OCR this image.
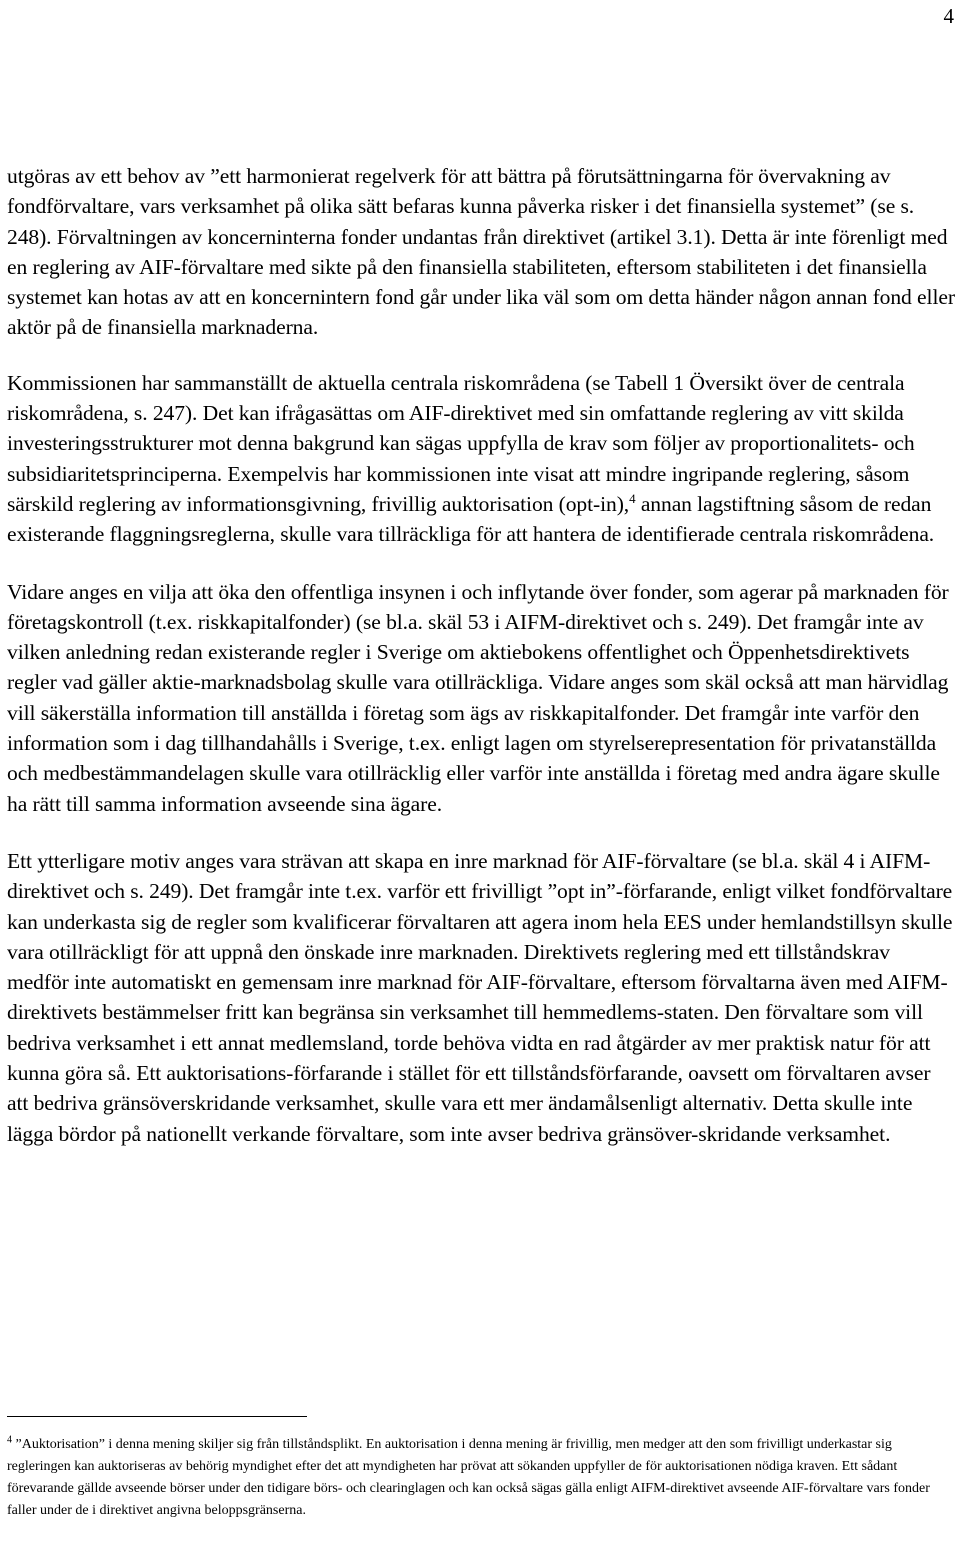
4

utgöras av ett behov av ”ett harmonierat regelverk för att bättra på förutsättningarna för övervakning av fondförvaltare, vars verksamhet på olika sätt befaras kunna påverka risker i det finansiella systemet” (se s. 248). Förvaltningen av koncerninterna fonder undantas från direktivet (artikel 3.1). Detta är inte förenligt med en reglering av AIF-förvaltare med sikte på den finansiella stabiliteten, eftersom stabiliteten i det finansiella systemet kan hotas av att en koncernintern fond går under lika väl som om detta händer någon annan fond eller aktör på de finansiella marknaderna.

Kommissionen har sammanställt de aktuella centrala riskområdena (se Tabell 1 Översikt över de centrala riskområdena, s. 247). Det kan ifrågasättas om AIF-direktivet med sin omfattande reglering av vitt skilda investeringsstrukturer mot denna bakgrund kan sägas uppfylla de krav som följer av proportionalitets- och subsidiaritetsprinciperna. Exempelvis har kommissionen inte visat att mindre ingripande reglering, såsom särskild reglering av informationsgivning, frivillig auktorisation (opt-in),$^4$ annan lagstiftning såsom de redan existerande flaggningsreglerna, skulle vara tillräckliga för att hantera de identifierade centrala riskområdena.

Vidare anges en vilja att öka den offentliga insynen i och inflytande över fonder, som agerar på marknaden för företagskontroll (t.ex. riskkapitalfonder) (se bl.a. skäl 53 i AIFM-direktivet och s. 249). Det framgår inte av vilken anledning redan existerande regler i Sverige om aktiebokens offentlighet och Öppenhetsdirektivets regler vad gäller aktie-marknadsbolag skulle vara otillräckliga. Vidare anges som skäl också att man härvidlag vill säkerställa information till anställda i företag som ägs av riskkapitalfonder. Det framgår inte varför den information som i dag tillhandahålls i Sverige, t.ex. enligt lagen om styrelserepresentation för privatanställda och medbestämmandelagen skulle vara otillräcklig eller varför inte anställda i företag med andra ägare skulle ha rätt till samma information avseende sina ägare.

Ett ytterligare motiv anges vara strävan att skapa en inre marknad för AIF-förvaltare (se bl.a. skäl 4 i AIFM-direktivet och s. 249). Det framgår inte t.ex. varför ett frivilligt ”opt in”-förfarande, enligt vilket fondförvaltare kan underkasta sig de regler som kvalificerar förvaltaren att agera inom hela EES under hemlandstillsyn skulle vara otillräckligt för att uppnå den önskade inre marknaden. Direktivets reglering med ett tillståndskrav medför inte automatiskt en gemensam inre marknad för AIF-förvaltare, eftersom förvaltarna även med AIFM-direktivets bestämmelser fritt kan begränsa sin verksamhet till hemmedlems-staten. Den förvaltare som vill bedriva verksamhet i ett annat medlemsland, torde behöva vidta en rad åtgärder av mer praktisk natur för att kunna göra så. Ett auktorisations-förfarande i stället för ett tillståndsförfarande, oavsett om förvaltaren avser att bedriva gränsöverskridande verksamhet, skulle vara ett mer ändamålsenligt alternativ. Detta skulle inte lägga bördor på nationellt verkande förvaltare, som inte avser bedriva gränsöver-skridande verksamhet.

$^4$ ”Auktorisation” i denna mening skiljer sig från tillståndsplikt. En auktorisation i denna mening är frivillig, men medger att den som frivilligt underkastar sig regleringen kan auktoriseras av behörig myndighet efter det att myndigheten har prövat att sökanden uppfyller de för auktorisationen nödiga kraven. Ett sådant förevarande gällde avseende börser under den tidigare börs- och clearinglagen och kan också sägas gälla enligt AIFM-direktivet avseende AIF-förvaltare vars fonder faller under de i direktivet angivna beloppsgränserna.
